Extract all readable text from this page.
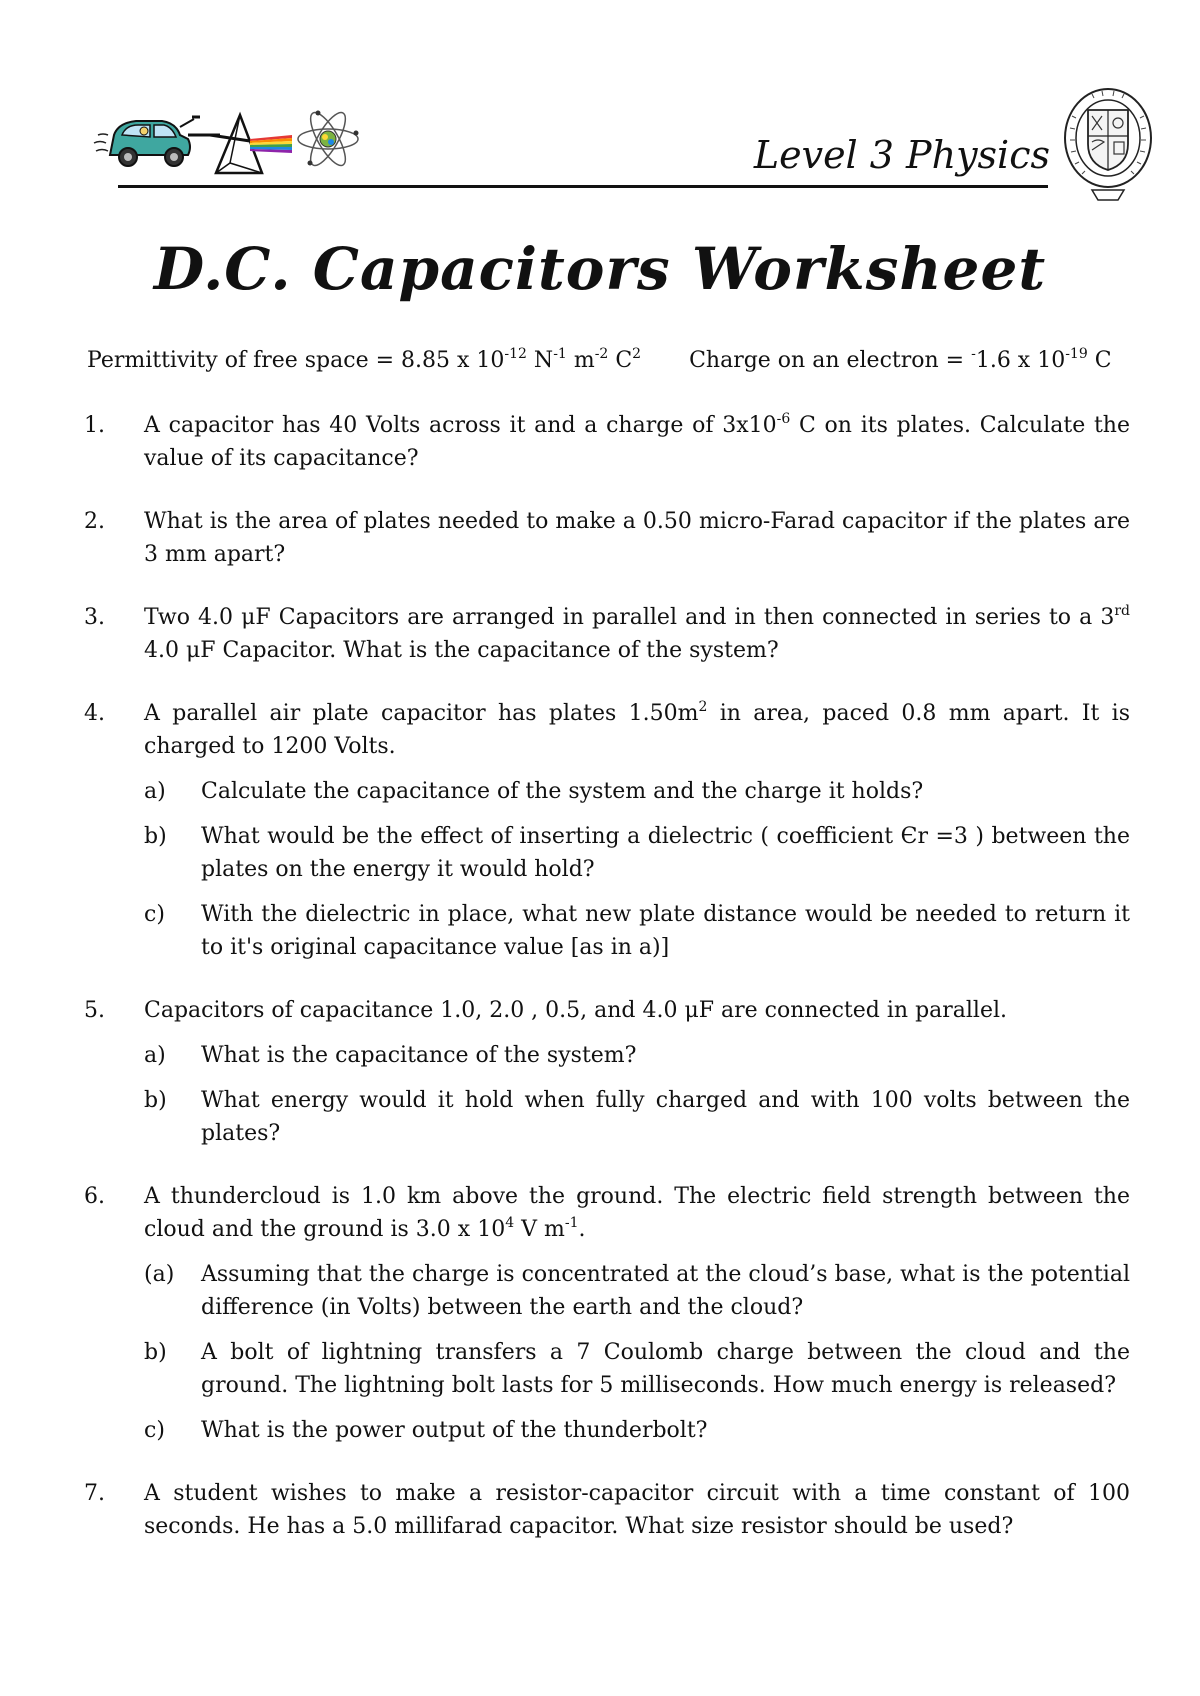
Level 3 Physics
D.C. Capacitors Worksheet
Permittivity of free space = 8.85 x $10^{-12}$ $N^{-1}$ $m^{-2}$ $C^2$ Charge on an electron = -1.6 x $10^{-19}$ C
1. A capacitor has 40 Volts across it and a charge of $3x10^{-6}$ C on its plates. Calculate the value of its capacitance?
2. What is the area of plates needed to make a 0.50 micro-Farad capacitor if the plates are 3 mm apart?
3. Two 4.0 μF Capacitors are arranged in parallel and in then connected in series to a 3rd 4.0 μF Capacitor. What is the capacitance of the system?
4. A parallel air plate capacitor has plates $1.50m^2$ in area, paced 0.8 mm apart. It is charged to 1200 Volts.
a) Calculate the capacitance of the system and the charge it holds?
b) What would be the effect of inserting a dielectric ( coefficient Єr =3 ) between the plates on the energy it would hold?
c) With the dielectric in place, what new plate distance would be needed to return it to it's original capacitance value [as in a)]
5. Capacitors of capacitance 1.0, 2.0 , 0.5, and 4.0 μF are connected in parallel.
a) What is the capacitance of the system?
b) What energy would it hold when fully charged and with 100 volts between the plates?
6. A thundercloud is 1.0 km above the ground. The electric field strength between the cloud and the ground is 3.0 x $10^4$ V $m^{-1}$.
(a) Assuming that the charge is concentrated at the cloud’s base, what is the potential difference (in Volts) between the earth and the cloud?
b) A bolt of lightning transfers a 7 Coulomb charge between the cloud and the ground. The lightning bolt lasts for 5 milliseconds. How much energy is released?
c) What is the power output of the thunderbolt?
7. A student wishes to make a resistor-capacitor circuit with a time constant of 100 seconds. He has a 5.0 millifarad capacitor. What size resistor should be used?
